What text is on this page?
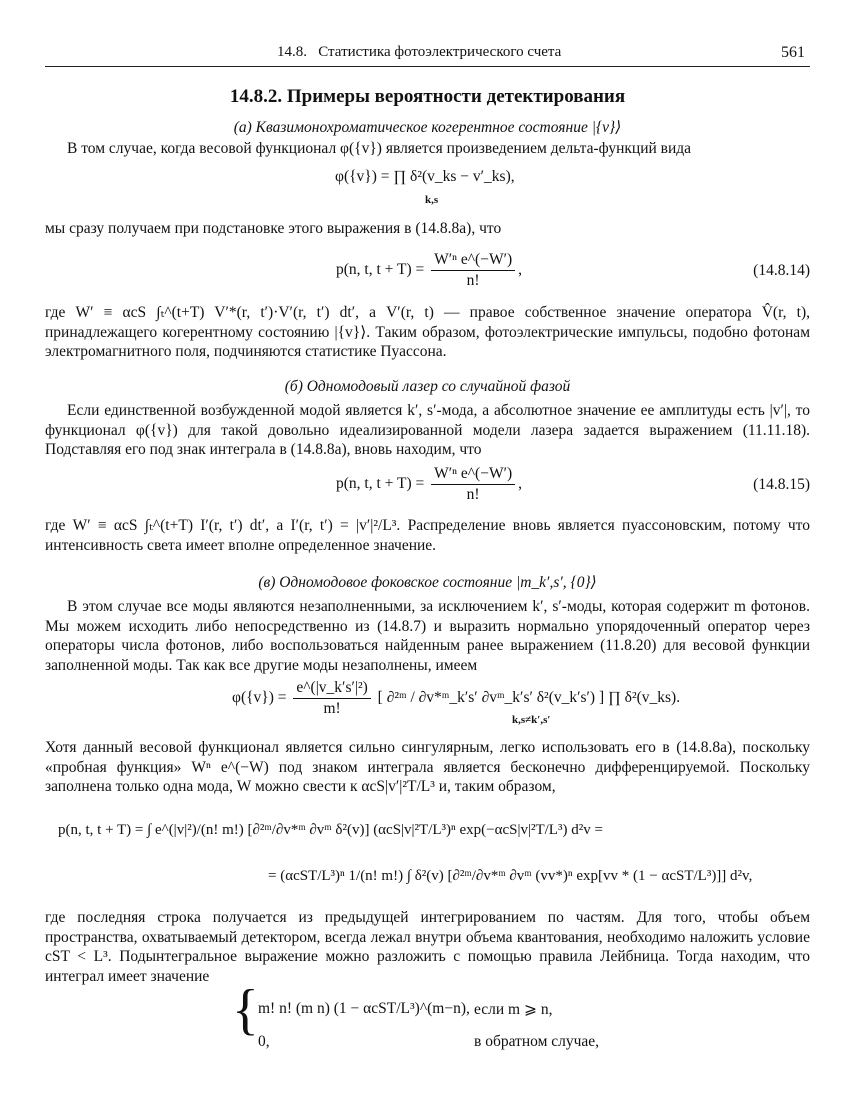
14.8. Статистика фотоэлектрического счета	561
14.8.2. Примеры вероятности детектирования
(а) Квазимонохроматическое когерентное состояние |{v}⟩
В том случае, когда весовой функционал φ({v}) является произведением дельта-функций вида
φ({v}) = ∏ δ²(v_ks − v′_ks),
k,s
мы сразу получаем при подстановке этого выражения в (14.8.8а), что
p(n, t, $t + T) = \frac{\text{W′ⁿ e\textasciicircum{}(−W′)}}{n!}$ ,	(14.8.14)
где W′ ≡ αcS ∫ₜ^(t+T) V′*(r, t′)·V′(r, t′) dt′, а V′(r, t) — правое собственное значение оператора V̂(r, t), принадлежащего когерентному состоянию |{v}⟩. Таким образом, фотоэлектрические импульсы, подобно фотонам электромагнитного поля, подчиняются статистике Пуассона.
(б) Одномодовый лазер со случайной фазой
Если единственной возбужденной модой является k′, s′-мода, а абсолютное значение ее амплитуды есть |v′|, то функционал φ({v}) для такой довольно идеализированной модели лазера задается выражением (11.11.18). Подставляя его под знак интеграла в (14.8.8а), вновь находим, что
p(n, t, $t + T) = \frac{\text{W′ⁿ e\textasciicircum{}(−W′)}}{n!}$ ,	(14.8.15)
где W′ ≡ αcS ∫ₜ^(t+T) I′(r, t′) dt′, а I′(r, t′) = |v′|²/L³. Распределение вновь является пуассоновским, потому что интенсивность света имеет вполне определенное значение.
(в) Одномодовое фоковское состояние |m_k′,s′, {0}⟩
В этом случае все моды являются незаполненными, за исключением k′, s′-моды, которая содержит m фотонов. Мы можем исходить либо непосредственно из (14.8.7) и выразить нормально упорядоченный оператор через операторы числа фотонов, либо воспользоваться найденным ранее выражением (11.8.20) для весовой функции заполненной моды. Так как все другие моды незаполнены, имеем
$\varphi(\{v\}) = \frac{\text{e\textasciicircum{}(|v\_k′s′|²)}}{m!}$ [ ∂²ᵐ / ∂v*ᵐ_k′s′ ∂vᵐ_k′s′ δ²(v_k′s′) ] ∏ δ²(v_ks).
k,s≠k′,s′
Хотя данный весовой функционал является сильно сингулярным, легко использовать его в (14.8.8а), поскольку «пробная функция» Wⁿ e^(−W) под знаком интеграла является бесконечно дифференцируемой. Поскольку заполнена только одна мода, W можно свести к αcS|v′|²T/L³ и, таким образом,
p(n, t, t + T) = ∫ e^(|v|²)/(n! m!) [∂²ᵐ/∂v*ᵐ ∂vᵐ δ²(v)] (αcS|v|²T/L³)ⁿ exp(−αcS|v|²T/L³) d²v =
= (αcST/L³)ⁿ 1/(n! m!) ∫ δ²(v) [∂²ᵐ/∂v*ᵐ ∂vᵐ (vv*)ⁿ exp[vv * (1 − αcST/L³)]] d²v,
где последняя строка получается из предыдущей интегрированием по частям. Для того, чтобы объем пространства, охватываемый детектором, всегда лежал внутри объема квантования, необходимо наложить условие cST < L³. Подынтегральное выражение можно разложить с помощью правила Лейбница. Тогда находим, что интеграл имеет значение
{ m! n! (m n) (1 − αcST/L³)^(m−n), если m ⩾ n,
0,	в обратном случае,
